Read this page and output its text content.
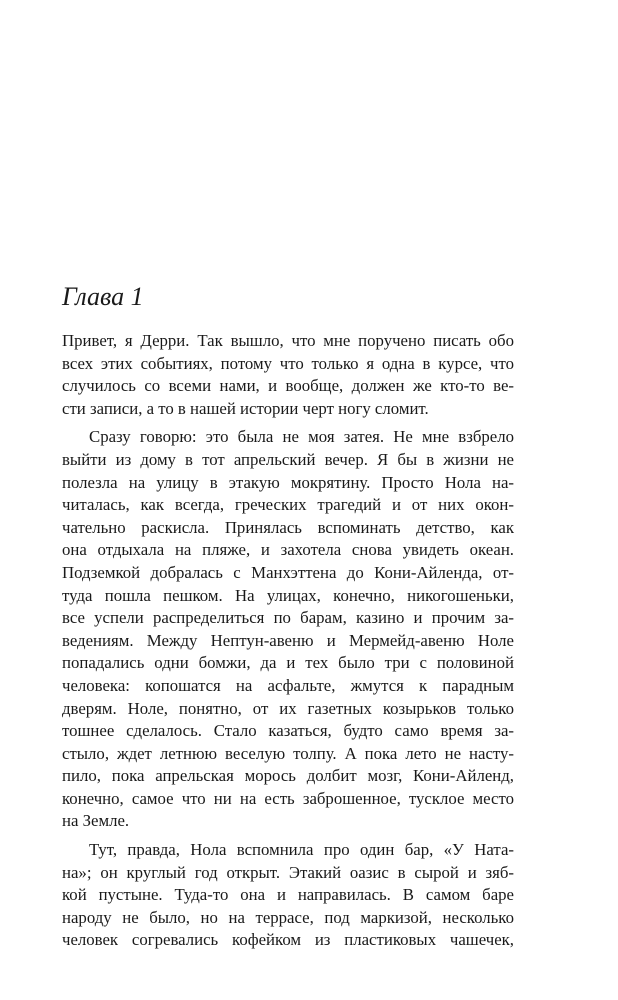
Глава 1
Привет, я Дерри. Так вышло, что мне поручено писать обо
всех этих событиях, потому что только я одна в курсе, что
случилось со всеми нами, и вообще, должен же кто-то ве-
сти записи, а то в нашей истории черт ногу сломит.
Сразу говорю: это была не моя затея. Не мне взбрело
выйти из дому в тот апрельский вечер. Я бы в жизни не
полезла на улицу в этакую мокрятину. Просто Нола на-
читалась, как всегда, греческих трагедий и от них окон-
чательно раскисла. Принялась вспоминать детство, как
она отдыхала на пляже, и захотела снова увидеть океан.
Подземкой добралась с Манхэттена до Кони-Айленда, от-
туда пошла пешком. На улицах, конечно, никогошеньки,
все успели распределиться по барам, казино и прочим за-
ведениям. Между Нептун-авеню и Мермейд-авеню Ноле
попадались одни бомжи, да и тех было три с половиной
человека: копошатся на асфальте, жмутся к парадным
дверям. Ноле, понятно, от их газетных козырьков только
тошнее сделалось. Стало казаться, будто само время за-
стыло, ждет летнюю веселую толпу. А пока лето не насту-
пило, пока апрельская морось долбит мозг, Кони-Айленд,
конечно, самое что ни на есть заброшенное, тусклое место
на Земле.
Тут, правда, Нола вспомнила про один бар, «У Ната-
на»; он круглый год открыт. Этакий оазис в сырой и зяб-
кой пустыне. Туда-то она и направилась. В самом баре
народу не было, но на террасе, под маркизой, несколько
человек согревались кофейком из пластиковых чашечек,
